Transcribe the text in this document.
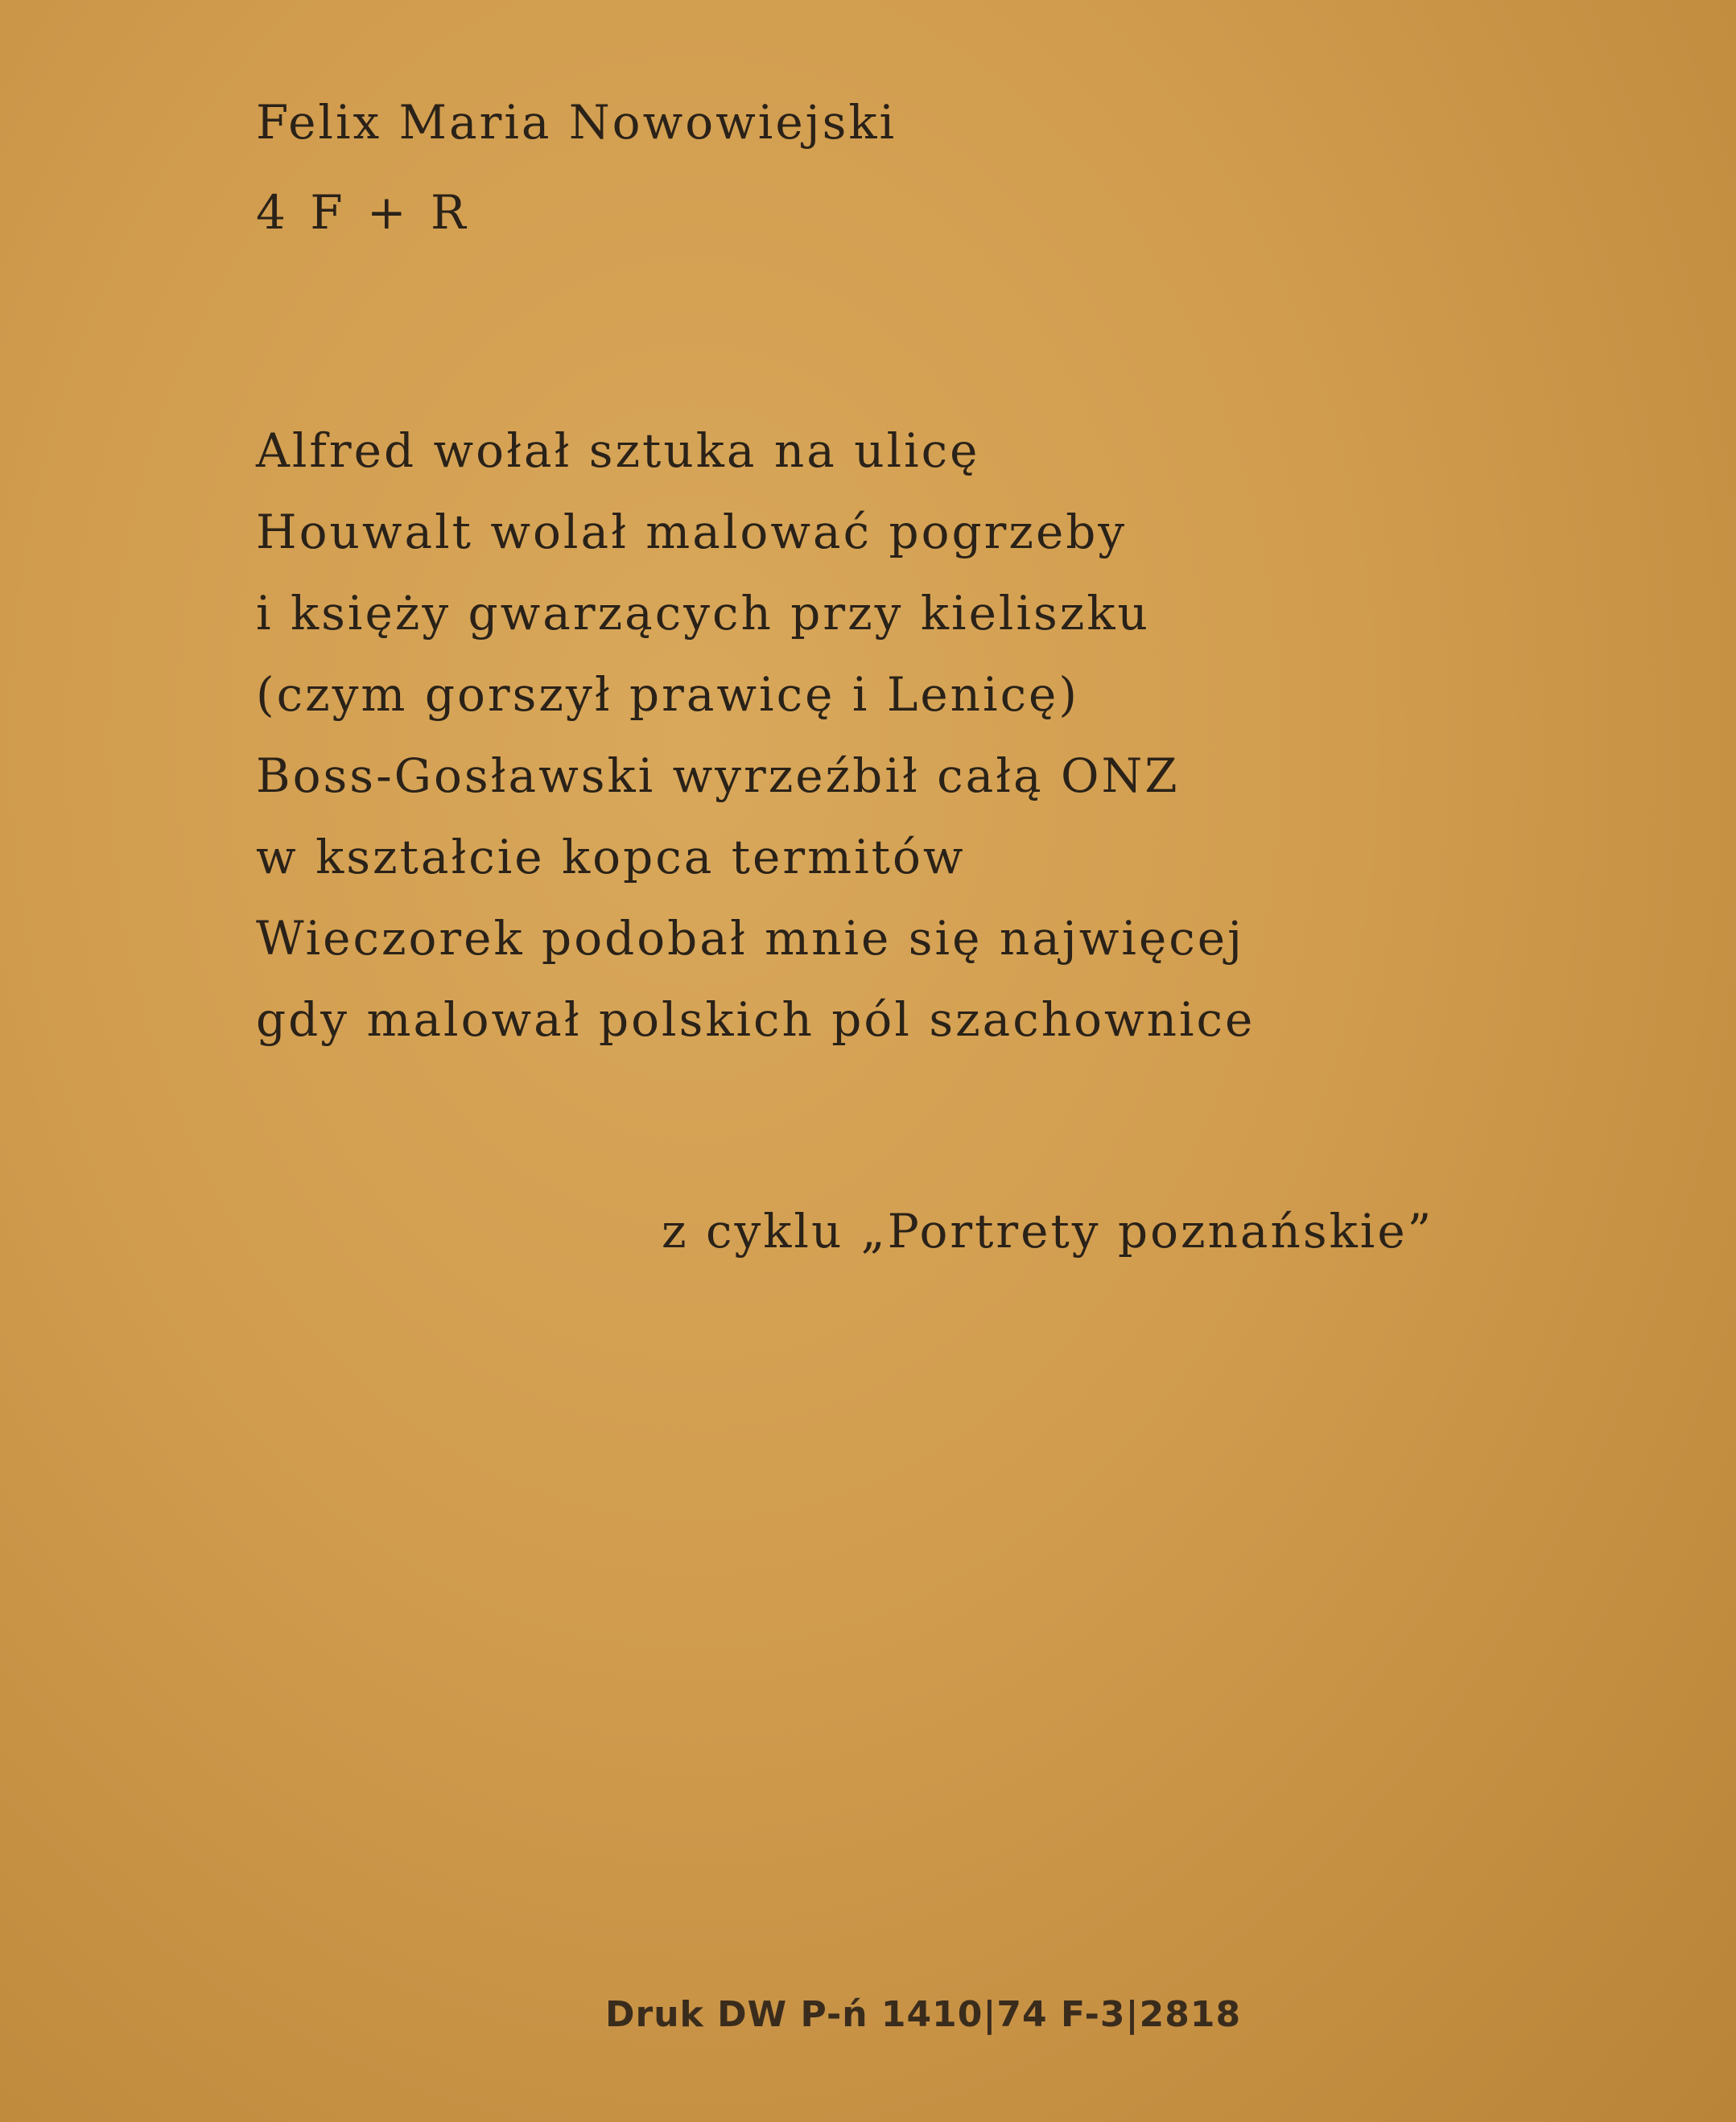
Felix Maria Nowowiejski
4 F + R
Alfred wołał sztuka na ulicę
Houwalt wolał malować pogrzeby
i księży gwarzących przy kieliszku
(czym gorszył prawicę i Lenicę)
Boss-Gosławski wyrzeźbił całą ONZ
w kształcie kopca termitów
Wieczorek podobał mnie się najwięcej
gdy malował polskich pól szachownice
z cyklu „Portrety poznańskie”
Druk DW P-ń 1410|74 F-3|2818
